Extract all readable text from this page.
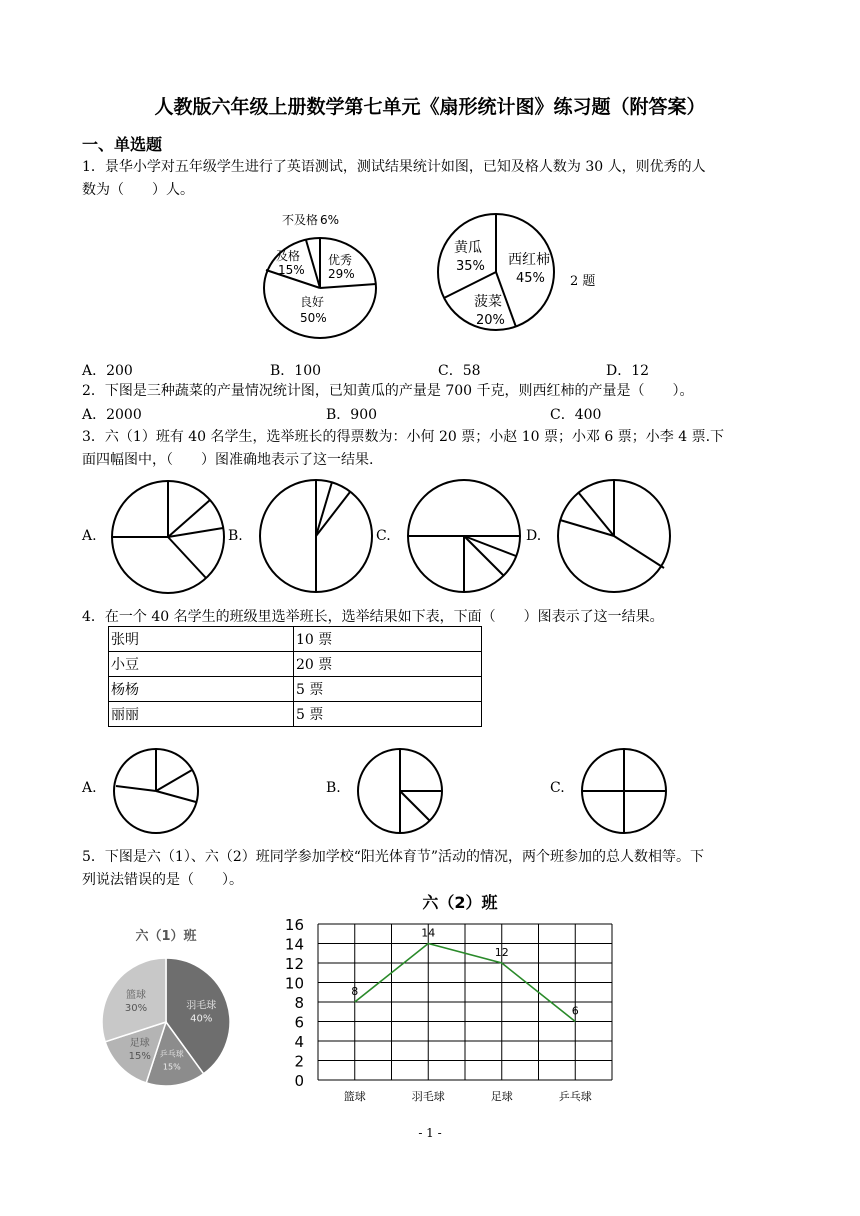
人教版六年级上册数学第七单元《扇形统计图》练习题（附答案）
一、单选题
1．景华小学对五年级学生进行了英语测试，测试结果统计如图，已知及格人数为 30 人，则优秀的人
数为（　　）人。
不及格 6%
优秀
29%
及格
15%
良好
50%
西红柿
45%
黄瓜
35%
菠菜
20%
2 题
A．200	B．100	C．58	D．12
2．下图是三种蔬菜的产量情况统计图，已知黄瓜的产量是 700 千克，则西红柿的产量是（　　）。
A．2000	B．900	C．400
3．六（1）班有 40 名学生，选举班长的得票数为：小何 20 票；小赵 10 票；小邓 6 票；小李 4 票.下
面四幅图中，（　　）图准确地表示了这一结果.
A.	B.	C.	D.
4．在一个 40 名学生的班级里选举班长，选举结果如下表，下面（　　）图表示了这一结果。
张明	10 票
小豆	20 票
杨杨	5 票
丽丽	5 票
A.	B.	C.
5．下图是六（1）、六（2）班同学参加学校“阳光体育节”活动的情况，两个班参加的总人数相等。下
列说法错误的是（　　）。
六（1）班
羽毛球
40%
乒乓球
15%
足球
15%
篮球
30%
六（2）班
16
14
12
10
8
6
4
2
0
篮球	羽毛球	足球	乒乓球
8
14
12
6
- 1 -
